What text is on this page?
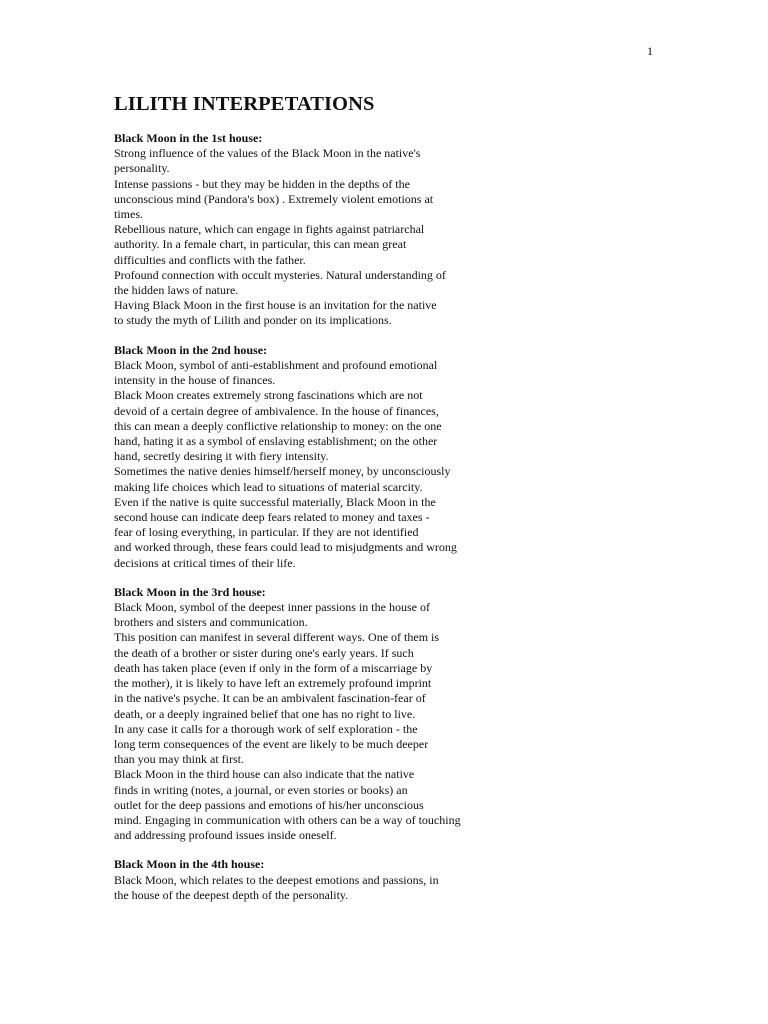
1
LILITH INTERPETATIONS
Black Moon in the 1st house:
Strong influence of the values of the Black Moon in the native's
personality.
Intense passions - but they may be hidden in the depths of the
unconscious mind (Pandora's box) . Extremely violent emotions at
times.
Rebellious nature, which can engage in fights against patriarchal
authority. In a female chart, in particular, this can mean great
difficulties and conflicts with the father.
Profound connection with occult mysteries. Natural understanding of
the hidden laws of nature.
Having Black Moon in the first house is an invitation for the native
to study the myth of Lilith and ponder on its implications.
Black Moon in the 2nd house:
Black Moon, symbol of anti-establishment and profound emotional
intensity in the house of finances.
Black Moon creates extremely strong fascinations which are not
devoid of a certain degree of ambivalence. In the house of finances,
this can mean a deeply conflictive relationship to money: on the one
hand, hating it as a symbol of enslaving establishment; on the other
hand, secretly desiring it with fiery intensity.
Sometimes the native denies himself/herself money, by unconsciously
making life choices which lead to situations of material scarcity.
Even if the native is quite successful materially, Black Moon in the
second house can indicate deep fears related to money and taxes -
fear of losing everything, in particular. If they are not identified
and worked through, these fears could lead to misjudgments and wrong
decisions at critical times of their life.
Black Moon in the 3rd house:
Black Moon, symbol of the deepest inner passions in the house of
brothers and sisters and communication.
This position can manifest in several different ways. One of them is
the death of a brother or sister during one's early years. If such
death has taken place (even if only in the form of a miscarriage by
the mother), it is likely to have left an extremely profound imprint
in the native's psyche. It can be an ambivalent fascination-fear of
death, or a deeply ingrained belief that one has no right to live.
In any case it calls for a thorough work of self exploration - the
long term consequences of the event are likely to be much deeper
than you may think at first.
Black Moon in the third house can also indicate that the native
finds in writing (notes, a journal, or even stories or books) an
outlet for the deep passions and emotions of his/her unconscious
mind. Engaging in communication with others can be a way of touching
and addressing profound issues inside oneself.
Black Moon in the 4th house:
Black Moon, which relates to the deepest emotions and passions, in
the house of the deepest depth of the personality.
